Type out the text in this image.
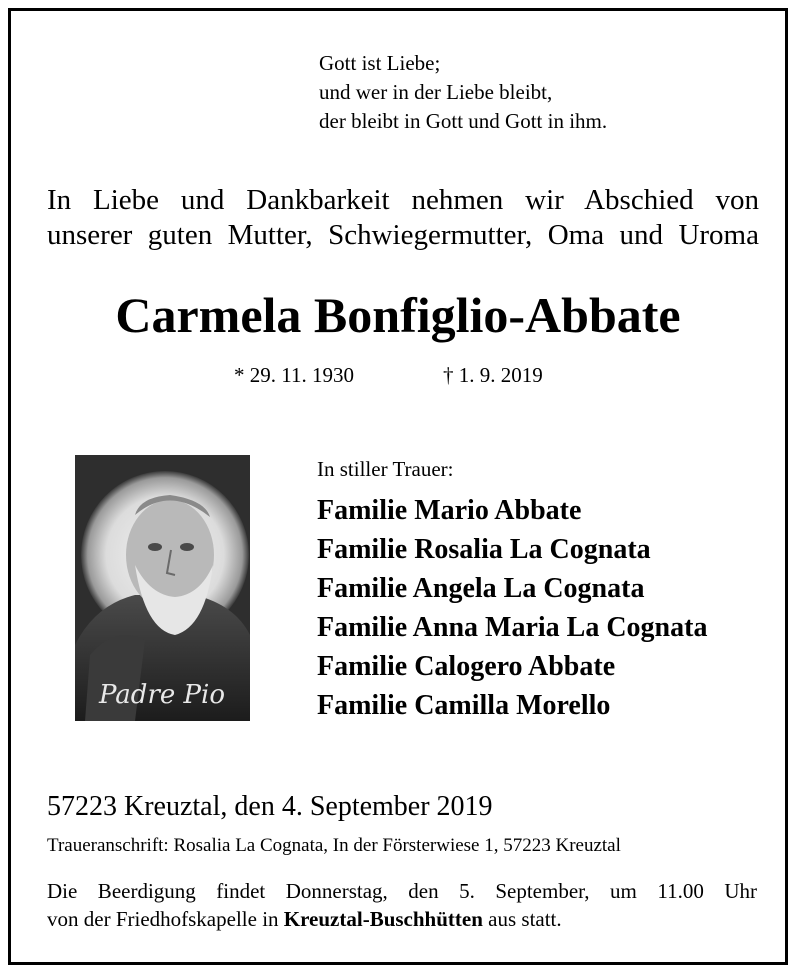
Gott ist Liebe;
und wer in der Liebe bleibt,
der bleibt in Gott und Gott in ihm.
In Liebe und Dankbarkeit nehmen wir Abschied von
unserer guten Mutter, Schwiegermutter, Oma und Uroma
Carmela Bonfiglio-Abbate
* 29. 11. 1930	† 1. 9. 2019
Padre Pio
In stiller Trauer:
Familie Mario Abbate
Familie Rosalia La Cognata
Familie Angela La Cognata
Familie Anna Maria La Cognata
Familie Calogero Abbate
Familie Camilla Morello
57223 Kreuztal, den 4. September 2019
Traueranschrift: Rosalia La Cognata, In der Försterwiese 1, 57223 Kreuztal
Die Beerdigung findet Donnerstag, den 5. September, um 11.00 Uhr
von der Friedhofskapelle in Kreuztal-Buschhütten aus statt.
